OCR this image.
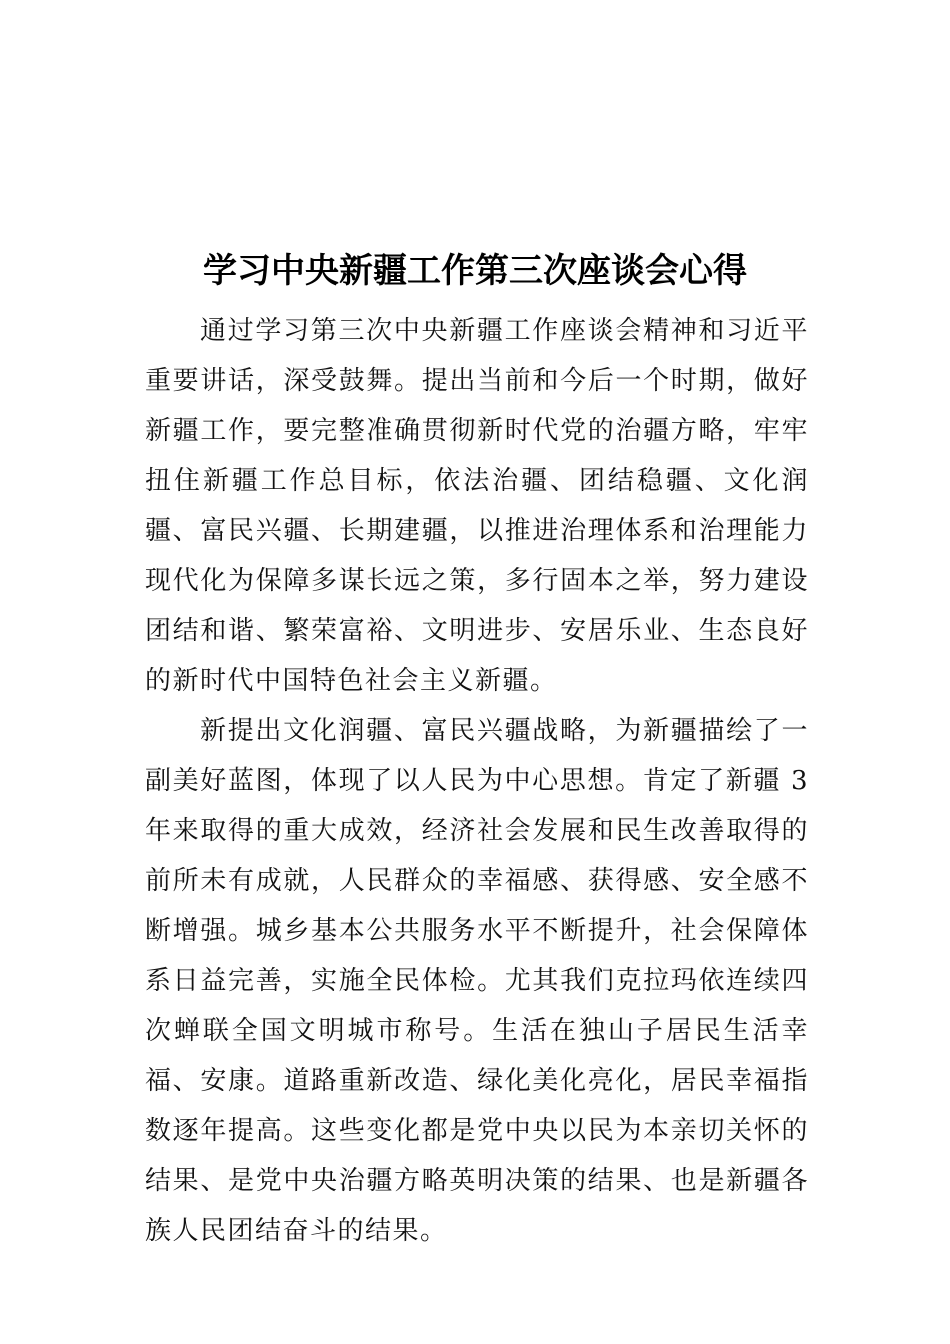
学习中央新疆工作第三次座谈会心得

通过学习第三次中央新疆工作座谈会精神和习近平重要讲话，深受鼓舞。提出当前和今后一个时期，做好新疆工作，要完整准确贯彻新时代党的治疆方略，牢牢扭住新疆工作总目标，依法治疆、团结稳疆、文化润疆、富民兴疆、长期建疆，以推进治理体系和治理能力现代化为保障多谋长远之策，多行固本之举，努力建设团结和谐、繁荣富裕、文明进步、安居乐业、生态良好的新时代中国特色社会主义新疆。

新提出文化润疆、富民兴疆战略，为新疆描绘了一副美好蓝图，体现了以人民为中心思想。肯定了新疆 3 年来取得的重大成效，经济社会发展和民生改善取得的前所未有成就，人民群众的幸福感、获得感、安全感不断增强。城乡基本公共服务水平不断提升，社会保障体系日益完善，实施全民体检。尤其我们克拉玛依连续四次蝉联全国文明城市称号。生活在独山子居民生活幸福、安康。道路重新改造、绿化美化亮化，居民幸福指数逐年提高。这些变化都是党中央以民为本亲切关怀的结果、是党中央治疆方略英明决策的结果、也是新疆各族人民团结奋斗的结果。
